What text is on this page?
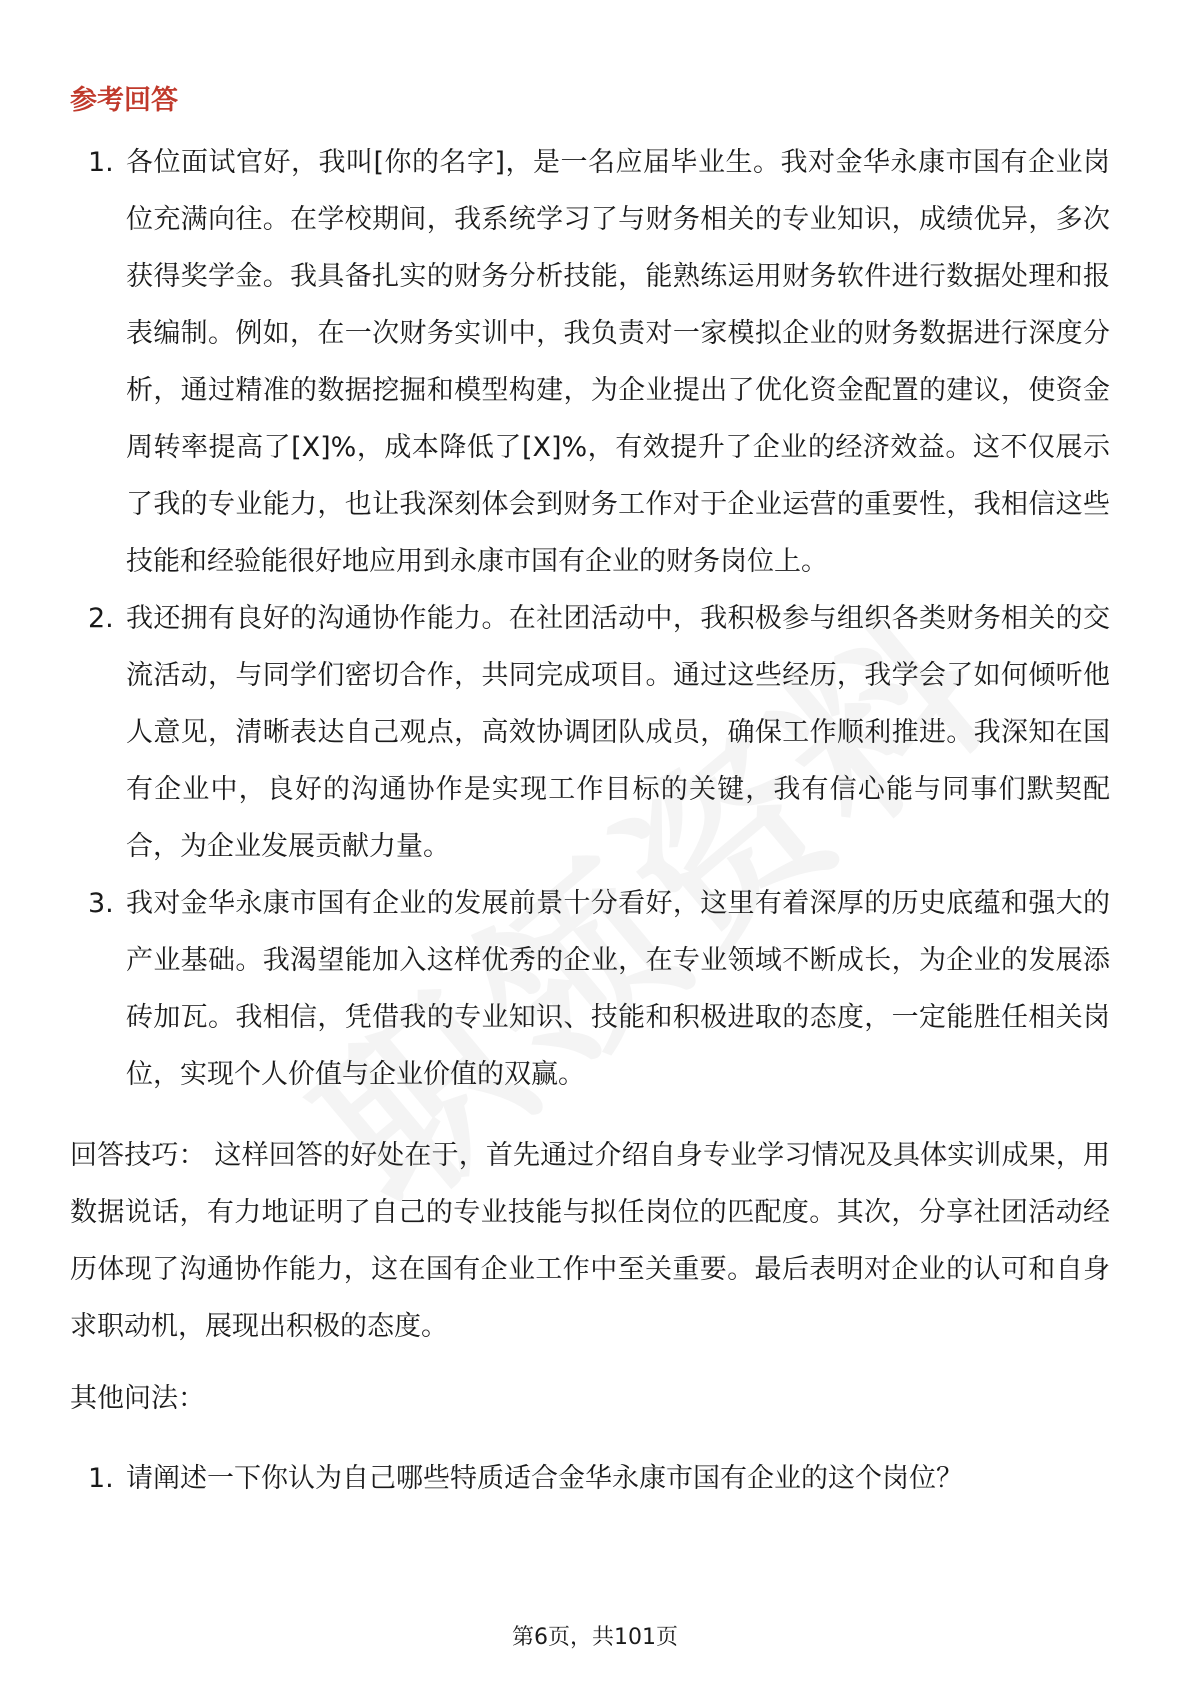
参考回答
1. 各位面试官好，我叫[你的名字]，是一名应届毕业生。我对金华永康市国有企业岗位充满向往。在学校期间，我系统学习了与财务相关的专业知识，成绩优异，多次获得奖学金。我具备扎实的财务分析技能，能熟练运用财务软件进行数据处理和报表编制。例如，在一次财务实训中，我负责对一家模拟企业的财务数据进行深度分析，通过精准的数据挖掘和模型构建，为企业提出了优化资金配置的建议，使资金周转率提高了[X]%，成本降低了[X]%，有效提升了企业的经济效益。这不仅展示了我的专业能力，也让我深刻体会到财务工作对于企业运营的重要性，我相信这些技能和经验能很好地应用到永康市国有企业的财务岗位上。

2. 我还拥有良好的沟通协作能力。在社团活动中，我积极参与组织各类财务相关的交流活动，与同学们密切合作，共同完成项目。通过这些经历，我学会了如何倾听他人意见，清晰表达自己观点，高效协调团队成员，确保工作顺利推进。我深知在国有企业中，良好的沟通协作是实现工作目标的关键，我有信心能与同事们默契配合，为企业发展贡献力量。

3. 我对金华永康市国有企业的发展前景十分看好，这里有着深厚的历史底蕴和强大的产业基础。我渴望能加入这样优秀的企业，在专业领域不断成长，为企业的发展添砖加瓦。我相信，凭借我的专业知识、技能和积极进取的态度，一定能胜任相关岗位，实现个人价值与企业价值的双赢。

回答技巧： 这样回答的好处在于，首先通过介绍自身专业学习情况及具体实训成果，用数据说话，有力地证明了自己的专业技能与拟任岗位的匹配度。其次，分享社团活动经历体现了沟通协作能力，这在国有企业工作中至关重要。最后表明对企业的认可和自身求职动机，展现出积极的态度。

其他问法：

1. 请阐述一下你认为自己哪些特质适合金华永康市国有企业的这个岗位？

第6页，共101页
